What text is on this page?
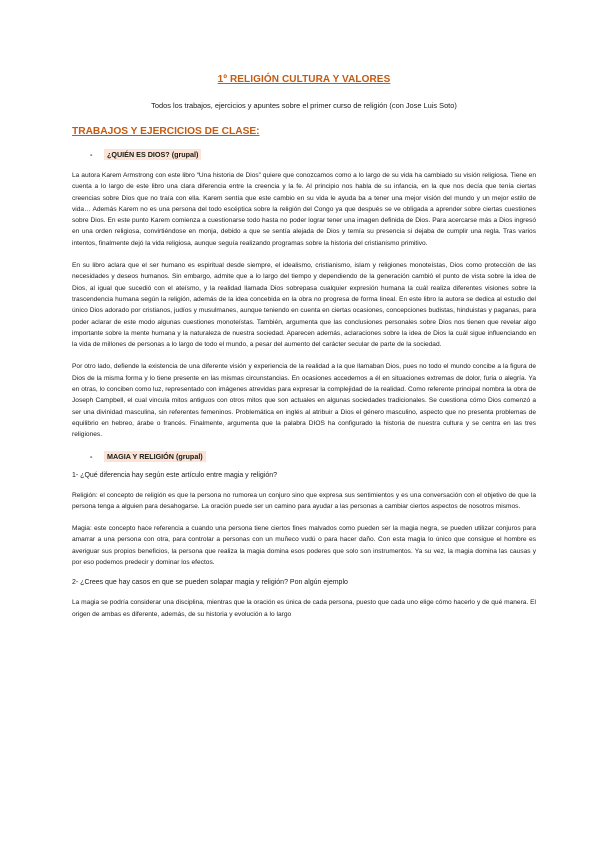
1º RELIGIÓN CULTURA Y VALORES
Todos los trabajos, ejercicios y apuntes sobre el primer curso de religión (con Jose Luis Soto)
TRABAJOS Y EJERCICIOS DE CLASE:
-	¿QUIÉN ES DIOS? (grupal)

La autora Karem Armstrong con este libro “Una historia de Dios” quiere que conozcamos como a lo largo de su vida ha cambiado su visión religiosa. Tiene en cuenta a lo largo de este libro una clara diferencia entre la creencia y la fe. Al principio nos habla de su infancia, en la que nos decía que tenía ciertas creencias sobre Dios que no traía con ella. Karem sentía que este cambio en su vida le ayuda ba a tener una mejor visión del mundo y un mejor estilo de vida… Además Karem no es una persona del todo escéptica sobre la religión del Congo ya que después se ve obligada a aprender sobre ciertas cuestiones sobre Dios. En este punto Karem comienza a cuestionarse todo hasta no poder lograr tener una imagen definida de Dios. Para acercarse más a Dios ingresó en una orden religiosa, convirtiéndose en monja, debido a que se sentía alejada de Dios y temía su presencia si dejaba de cumplir una regla. Tras varios intentos, finalmente dejó la vida religiosa, aunque seguía realizando programas sobre la historia del cristianismo primitivo.

En su libro aclara que el ser humano es espiritual desde siempre, el idealismo, cristianismo, islam y religiones monoteístas, Dios como protección de las necesidades y deseos humanos. Sin embargo, admite que a lo largo del tiempo y dependiendo de la generación cambió el punto de vista sobre la idea de Dios, al igual que sucedió con el ateísmo, y la realidad llamada Dios sobrepasa cualquier expresión humana la cuál realiza diferentes visiones sobre la trascendencia humana según la religión, además de la idea concebida en la obra no progresa de forma lineal. En este libro la autora se dedica al estudio del único Dios adorado por cristianos, judíos y musulmanes, aunque teniendo en cuenta en ciertas ocasiones, concepciones budistas, hinduistas y paganas, para poder aclarar de este modo algunas cuestiones monoteístas. También, argumenta que las conclusiones personales sobre Dios nos tienen que revelar algo importante sobre la mente humana y la naturaleza de nuestra sociedad. Aparecen además, aclaraciones sobre la idea de Dios la cuál sigue influenciando en la vida de millones de personas a lo largo de todo el mundo, a pesar del aumento del carácter secular de parte de la sociedad.

Por otro lado, defiende la existencia de una diferente visión y experiencia de la realidad a la que llamaban Dios, pues no todo el mundo concibe a la figura de Dios de la misma forma y lo tiene presente en las mismas circunstancias. En ocasiones accedemos a él en situaciones extremas de dolor, furia o alegría. Ya en otras, lo conciben como luz, representado con imágenes atrevidas para expresar la complejidad de la realidad. Como referente principal nombra la obra de Joseph Campbell, el cual vincula mitos antiguos con otros mitos que son actuales en algunas sociedades tradicionales. Se cuestiona cómo Dios comenzó a ser una divinidad masculina, sin referentes femeninos. Problemática en inglés al atribuir a Dios el género masculino, aspecto que no presenta problemas de equilibrio en hebreo, árabe o francés. Finalmente, argumenta que la palabra DIOS ha configurado la historia de nuestra cultura y se centra en las tres religiones.

-	MAGIA Y RELIGIÓN (grupal)
1- ¿Qué diferencia hay según este artículo entre magia y religión?

Religión: el concepto de religión es que la persona no rumorea un conjuro sino que expresa sus sentimientos y es una conversación con el objetivo de que la persona tenga a alguien para desahogarse. La oración puede ser un camino para ayudar a las personas a cambiar ciertos aspectos de nosotros mismos.

Magia: este concepto hace referencia a cuando una persona tiene ciertos fines malvados como pueden ser la magia negra, se pueden utilizar conjuros para amarrar a una persona con otra, para controlar a personas con un muñeco vudú o para hacer daño. Con esta magia lo único que consigue el hombre es averiguar sus propios beneficios, la persona que realiza la magia domina esos poderes que solo son instrumentos. Ya su vez, la magia domina las causas y por eso podemos predecir y dominar los efectos.

2- ¿Crees que hay casos en que se pueden solapar magia y religión? Pon algún ejemplo

La magia se podría considerar una disciplina, mientras que la oración es única de cada persona, puesto que cada uno elige cómo hacerlo y de qué manera. El origen de ambas es diferente, además, de su historia y evolución a lo largo
